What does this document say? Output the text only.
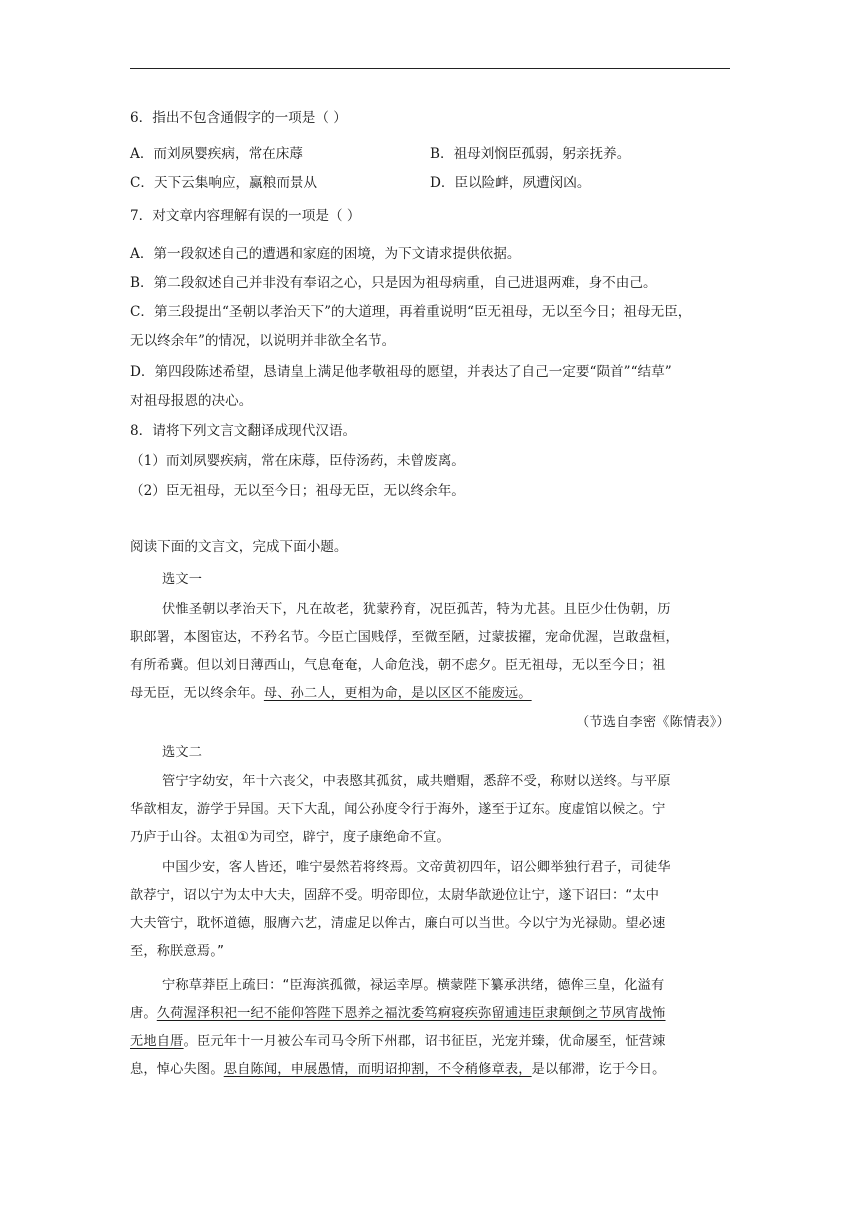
6．指出不包含通假字的一项是（ ）
A．而刘夙婴疾病，常在床蓐	B．祖母刘悯臣孤弱，躬亲抚养。
C．天下云集响应，赢粮而景从	D．臣以险衅，夙遭闵凶。
7．对文章内容理解有误的一项是（ ）
A．第一段叙述自己的遭遇和家庭的困境，为下文请求提供依据。
B．第二段叙述自己并非没有奉诏之心，只是因为祖母病重，自己进退两难，身不由己。
C．第三段提出“圣朝以孝治天下”的大道理，再着重说明“臣无祖母，无以至今日；祖母无臣，
无以终余年”的情况，以说明并非欲全名节。
D．第四段陈述希望，恳请皇上满足他孝敬祖母的愿望，并表达了自己一定要“陨首”“结草”
对祖母报恩的决心。
8．请将下列文言文翻译成现代汉语。
（1）而刘夙婴疾病，常在床蓐，臣侍汤药，未曾废离。
（2）臣无祖母，无以至今日；祖母无臣，无以终余年。
阅读下面的文言文，完成下面小题。
选文一
伏惟圣朝以孝治天下，凡在故老，犹蒙矜育，况臣孤苦，特为尤甚。且臣少仕伪朝，历
职郎署，本图宦达，不矜名节。今臣亡国贱俘，至微至陋，过蒙拔擢，宠命优渥，岂敢盘桓，
有所希冀。但以刘日薄西山，气息奄奄，人命危浅，朝不虑夕。臣无祖母，无以至今日；祖
母无臣，无以终余年。母、孙二人，更相为命，是以区区不能废远。
（节选自李密《陈情表》）
选文二
管宁字幼安，年十六丧父，中表愍其孤贫，咸共赠赗，悉辞不受，称财以送终。与平原
华歆相友，游学于异国。天下大乱，闻公孙度令行于海外，遂至于辽东。度虚馆以候之。宁
乃庐于山谷。太祖①为司空，辟宁，度子康绝命不宣。
中国少安，客人皆还，唯宁晏然若将终焉。文帝黄初四年，诏公卿举独行君子，司徒华
歆荐宁，诏以宁为太中大夫，固辞不受。明帝即位，太尉华歆逊位让宁，遂下诏曰：“太中
大夫管宁，耽怀道德，服膺六艺，清虚足以侔古，廉白可以当世。今以宁为光禄勋。望必速
至，称朕意焉。”
宁称草莽臣上疏曰：“臣海滨孤微，禄运幸厚。横蒙陛下纂承洪绪，德侔三皇，化溢有
唐。久荷渥泽积祀一纪不能仰答陛下恩养之福沈委笃痾寝疾弥留逋违臣隶颠倒之节夙宵战怖
无地自厝。臣元年十一月被公车司马令所下州郡，诏书征臣，光宠并臻，优命屡至，怔营竦
息，悼心失图。思自陈闻，申展愚情，而明诏抑割，不令稍修章表，是以郁滞，讫于今日。
